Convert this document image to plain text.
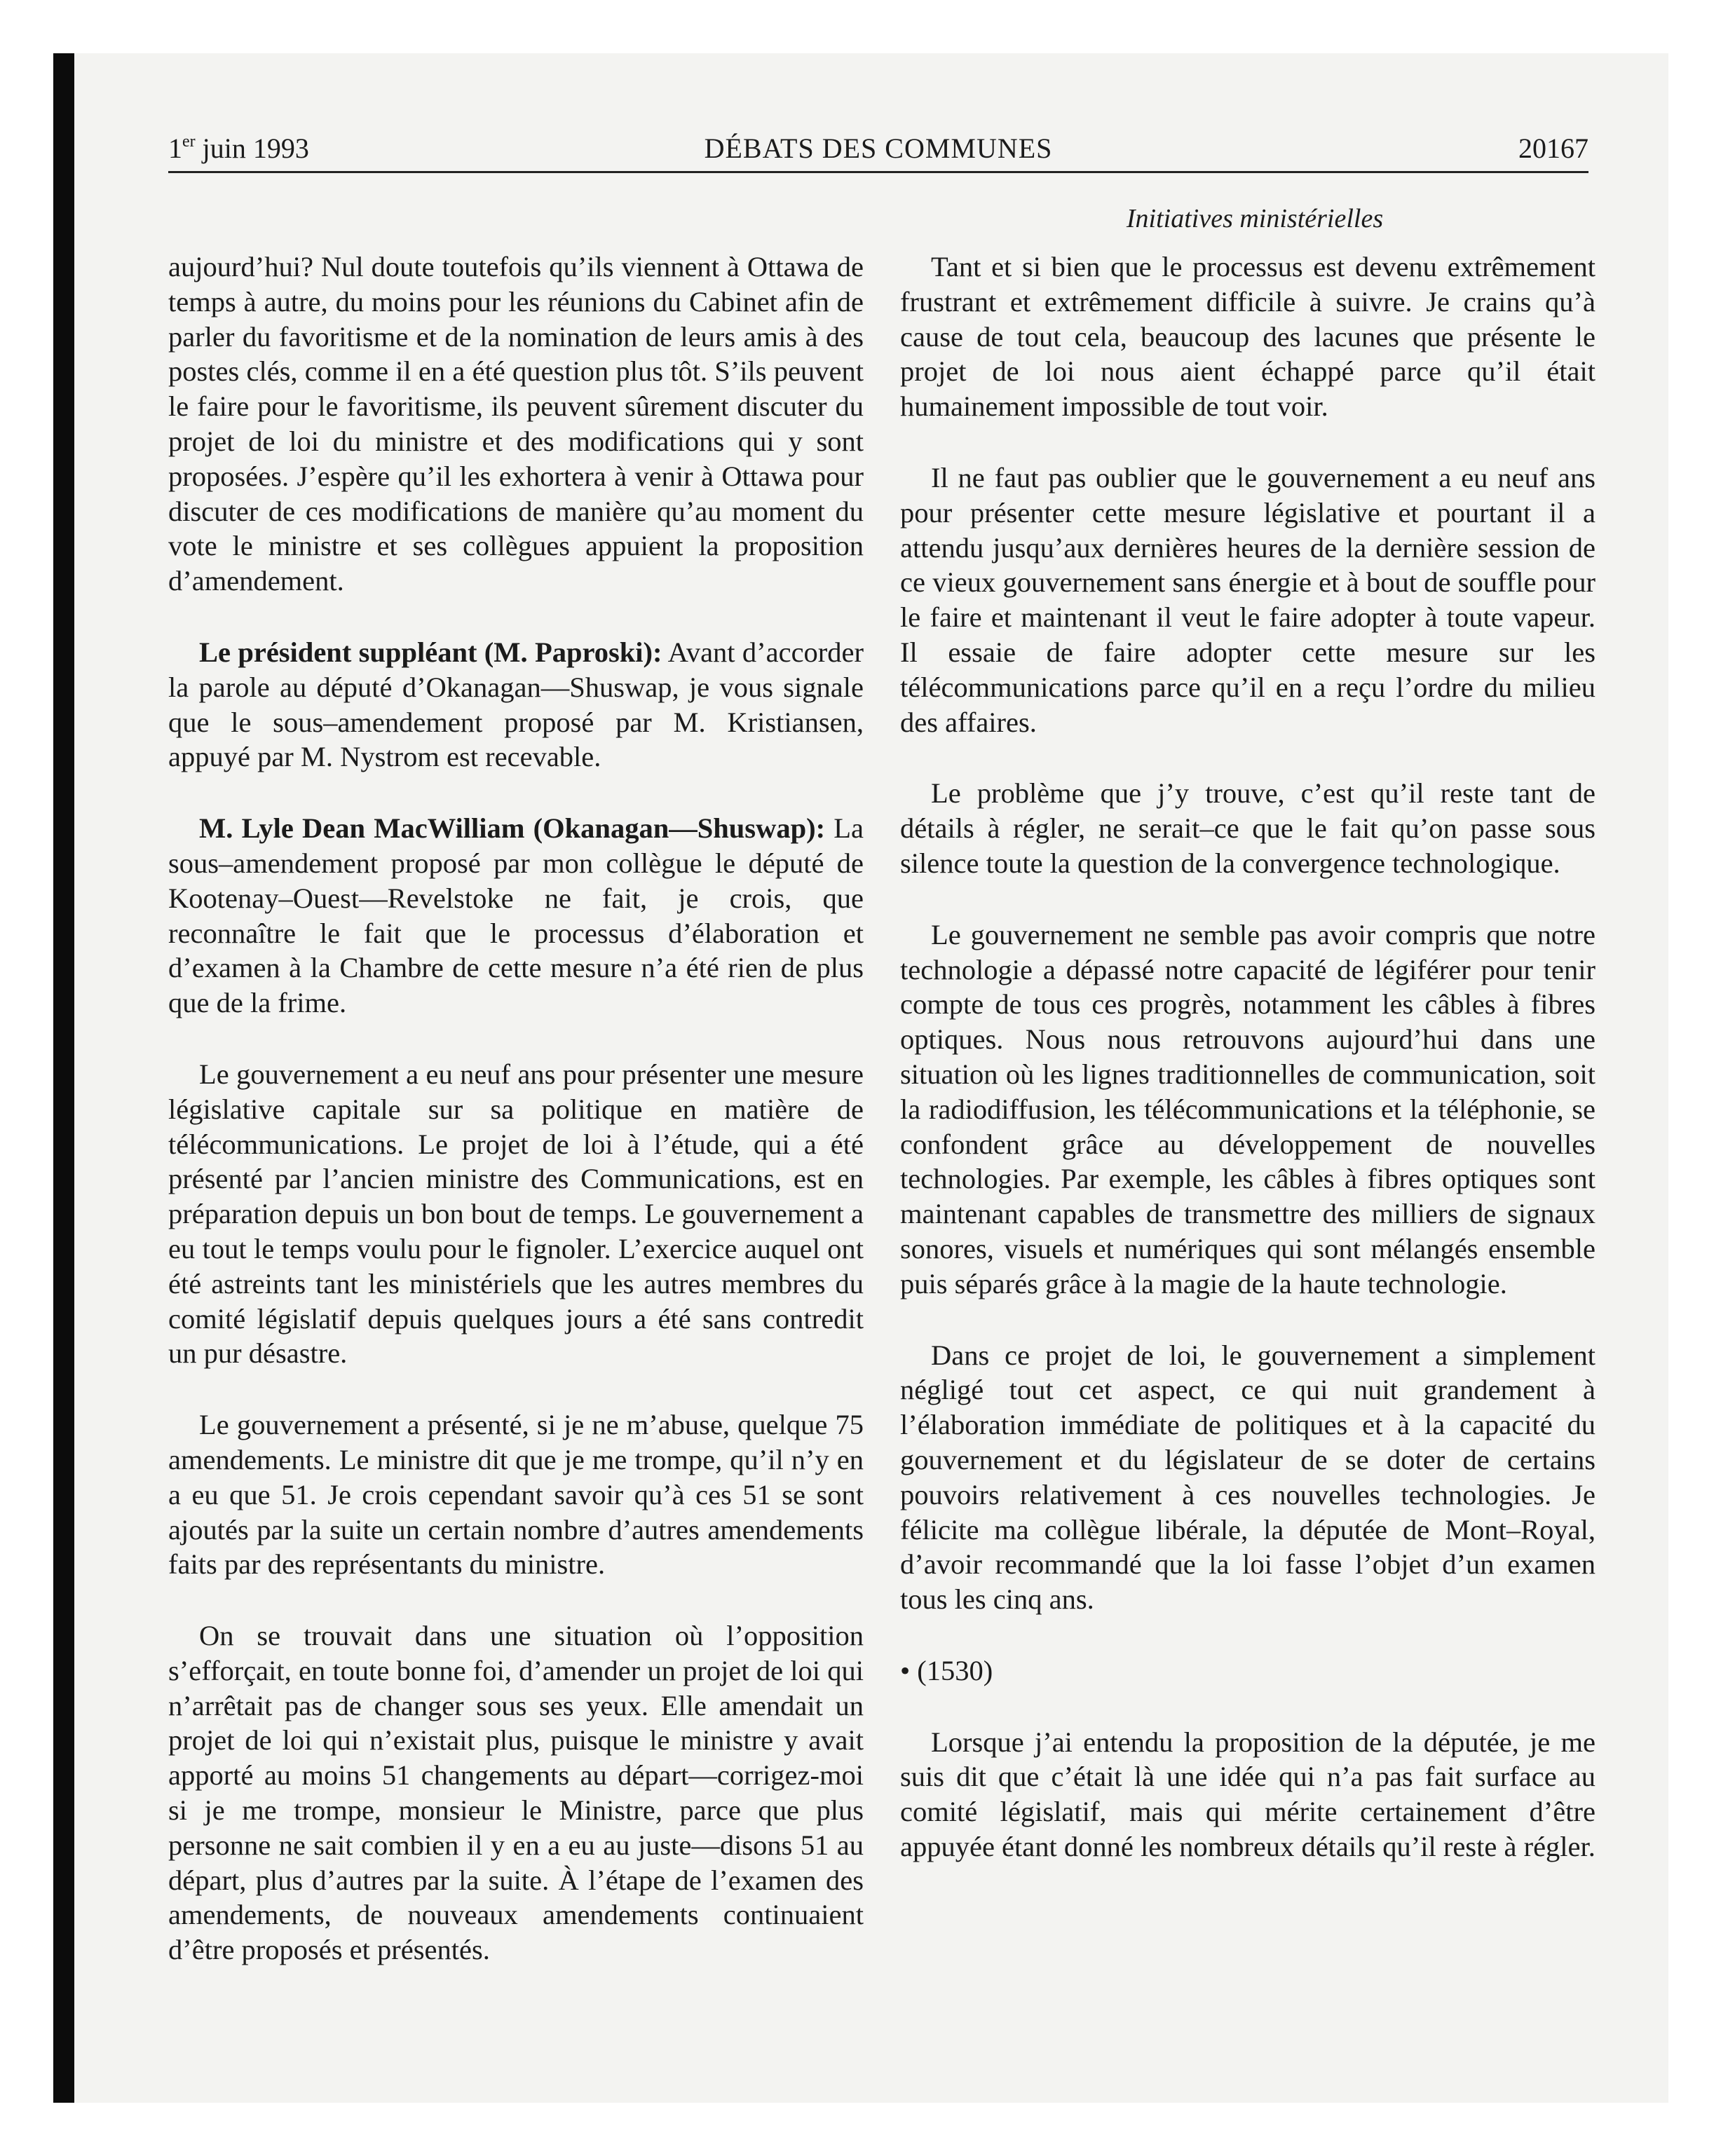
1er juin 1993	DÉBATS DES COMMUNES	20167
Initiatives ministérielles

aujourd’hui? Nul doute toutefois qu’ils viennent à Ottawa de temps à autre, du moins pour les réunions du Cabinet afin de parler du favoritisme et de la nomination de leurs amis à des postes clés, comme il en a été question plus tôt. S’ils peuvent le faire pour le favoritisme, ils peuvent sûrement discuter du projet de loi du ministre et des modifications qui y sont proposées. J’espère qu’il les exhortera à venir à Ottawa pour discuter de ces modifications de manière qu’au moment du vote le ministre et ses collègues appuient la proposition d’amendement.

Le président suppléant (M. Paproski): Avant d’accorder la parole au député d’Okanagan—Shuswap, je vous signale que le sous–amendement proposé par M. Kristiansen, appuyé par M. Nystrom est recevable.

M. Lyle Dean MacWilliam (Okanagan—Shuswap): La sous–amendement proposé par mon collègue le député de Kootenay–Ouest—Revelstoke ne fait, je crois, que reconnaître le fait que le processus d’élaboration et d’examen à la Chambre de cette mesure n’a été rien de plus que de la frime.

Le gouvernement a eu neuf ans pour présenter une mesure législative capitale sur sa politique en matière de télécommunications. Le projet de loi à l’étude, qui a été présenté par l’ancien ministre des Communications, est en préparation depuis un bon bout de temps. Le gouvernement a eu tout le temps voulu pour le fignoler. L’exercice auquel ont été astreints tant les ministériels que les autres membres du comité législatif depuis quelques jours a été sans contredit un pur désastre.

Le gouvernement a présenté, si je ne m’abuse, quelque 75 amendements. Le ministre dit que je me trompe, qu’il n’y en a eu que 51. Je crois cependant savoir qu’à ces 51 se sont ajoutés par la suite un certain nombre d’autres amendements faits par des représentants du ministre.

On se trouvait dans une situation où l’opposition s’efforçait, en toute bonne foi, d’amender un projet de loi qui n’arrêtait pas de changer sous ses yeux. Elle amendait un projet de loi qui n’existait plus, puisque le ministre y avait apporté au moins 51 changements au départ—corrigez-moi si je me trompe, monsieur le Ministre, parce que plus personne ne sait combien il y en a eu au juste—disons 51 au départ, plus d’autres par la suite. À l’étape de l’examen des amendements, de nouveaux amendements continuaient d’être proposés et présentés.

Tant et si bien que le processus est devenu extrêmement frustrant et extrêmement difficile à suivre. Je crains qu’à cause de tout cela, beaucoup des lacunes que présente le projet de loi nous aient échappé parce qu’il était humainement impossible de tout voir.

Il ne faut pas oublier que le gouvernement a eu neuf ans pour présenter cette mesure législative et pourtant il a attendu jusqu’aux dernières heures de la dernière session de ce vieux gouvernement sans énergie et à bout de souffle pour le faire et maintenant il veut le faire adopter à toute vapeur. Il essaie de faire adopter cette mesure sur les télécommunications parce qu’il en a reçu l’ordre du milieu des affaires.

Le problème que j’y trouve, c’est qu’il reste tant de détails à régler, ne serait–ce que le fait qu’on passe sous silence toute la question de la convergence technologique.

Le gouvernement ne semble pas avoir compris que notre technologie a dépassé notre capacité de légiférer pour tenir compte de tous ces progrès, notamment les câbles à fibres optiques. Nous nous retrouvons aujourd’hui dans une situation où les lignes traditionnelles de communication, soit la radiodiffusion, les télécommunications et la téléphonie, se confondent grâce au développement de nouvelles technologies. Par exemple, les câbles à fibres optiques sont maintenant capables de transmettre des milliers de signaux sonores, visuels et numériques qui sont mélangés ensemble puis séparés grâce à la magie de la haute technologie.

Dans ce projet de loi, le gouvernement a simplement négligé tout cet aspect, ce qui nuit grandement à l’élaboration immédiate de politiques et à la capacité du gouvernement et du législateur de se doter de certains pouvoirs relativement à ces nouvelles technologies. Je félicite ma collègue libérale, la députée de Mont–Royal, d’avoir recommandé que la loi fasse l’objet d’un examen tous les cinq ans.

• (1530)

Lorsque j’ai entendu la proposition de la députée, je me suis dit que c’était là une idée qui n’a pas fait surface au comité législatif, mais qui mérite certainement d’être appuyée étant donné les nombreux détails qu’il reste à régler.
